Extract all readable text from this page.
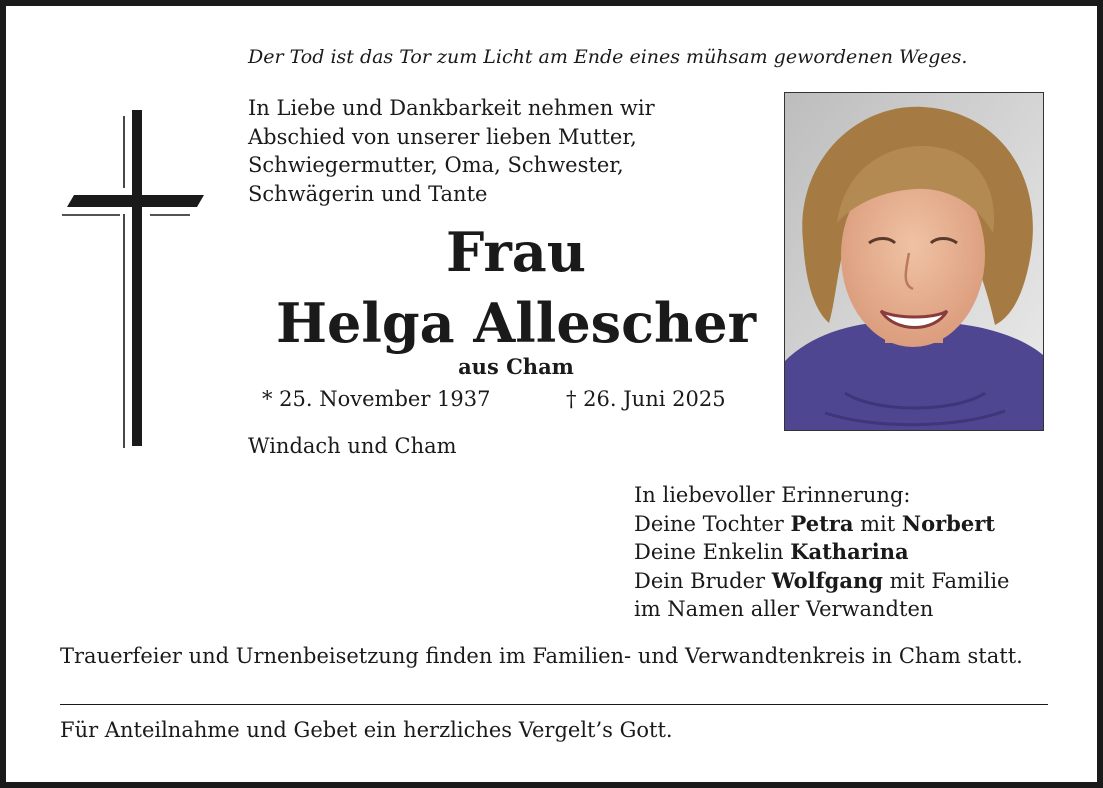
Der Tod ist das Tor zum Licht am Ende eines mühsam gewordenen Weges.
In Liebe und Dankbarkeit nehmen wir
Abschied von unserer lieben Mutter,
Schwiegermutter, Oma, Schwester,
Schwägerin und Tante
Frau
Helga Allescher
aus Cham
* 25. November 1937	† 26. Juni 2025
Windach und Cham
In liebevoller Erinnerung:
Deine Tochter Petra mit Norbert
Deine Enkelin Katharina
Dein Bruder Wolfgang mit Familie
im Namen aller Verwandten
Trauerfeier und Urnenbeisetzung finden im Familien- und Verwandtenkreis in Cham statt.
Für Anteilnahme und Gebet ein herzliches Vergelt’s Gott.
